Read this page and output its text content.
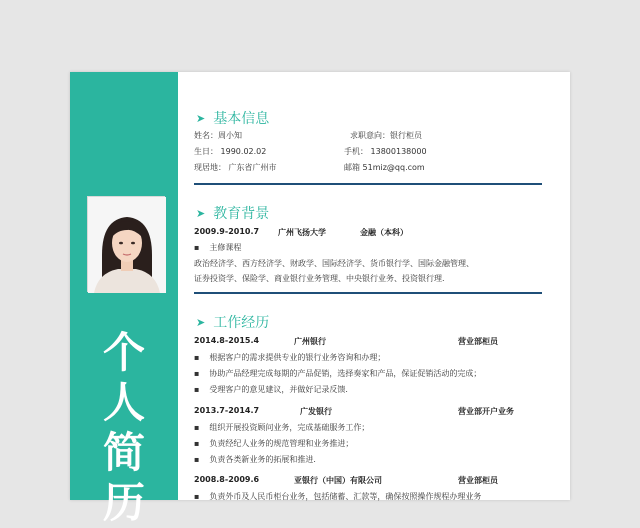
个
人
简
历
➤ 基本信息
姓名：周小知	求职意向：银行柜员
生日： 1990.02.02	手机： 13800138000
现居地： 广东省广州市	邮箱 51miz@qq.com
➤ 教育背景
2009.9-2010.7 广州飞扬大学	金融（本科）
▪ 主修课程
政治经济学、西方经济学、财政学、国际经济学、货币银行学、国际金融管理、
证券投资学、保险学、商业银行业务管理、中央银行业务、投资银行理.
➤ 工作经历
2014.8-2015.4	广州银行	营业部柜员
▪ 根据客户的需求提供专业的银行业务咨询和办理；
▪ 协助产品经理完成每期的产品促销，选择奏家和产品，保证促销活动的完成；
▪ 受理客户的意见建议，并做好记录反馈.
2013.7-2014.7	广发银行	营业部开户业务
▪ 组织开展投资顾问业务，完成基础服务工作；
▪ 负责经纪人业务的规范管理和业务推进；
▪ 负责各类新业务的拓展和推进.
2008.8-2009.6	亚银行（中国）有限公司	营业部柜员
▪ 负责外币及人民币柜台业务，包括储蓄、汇款等，确保按照操作规程办理业务
